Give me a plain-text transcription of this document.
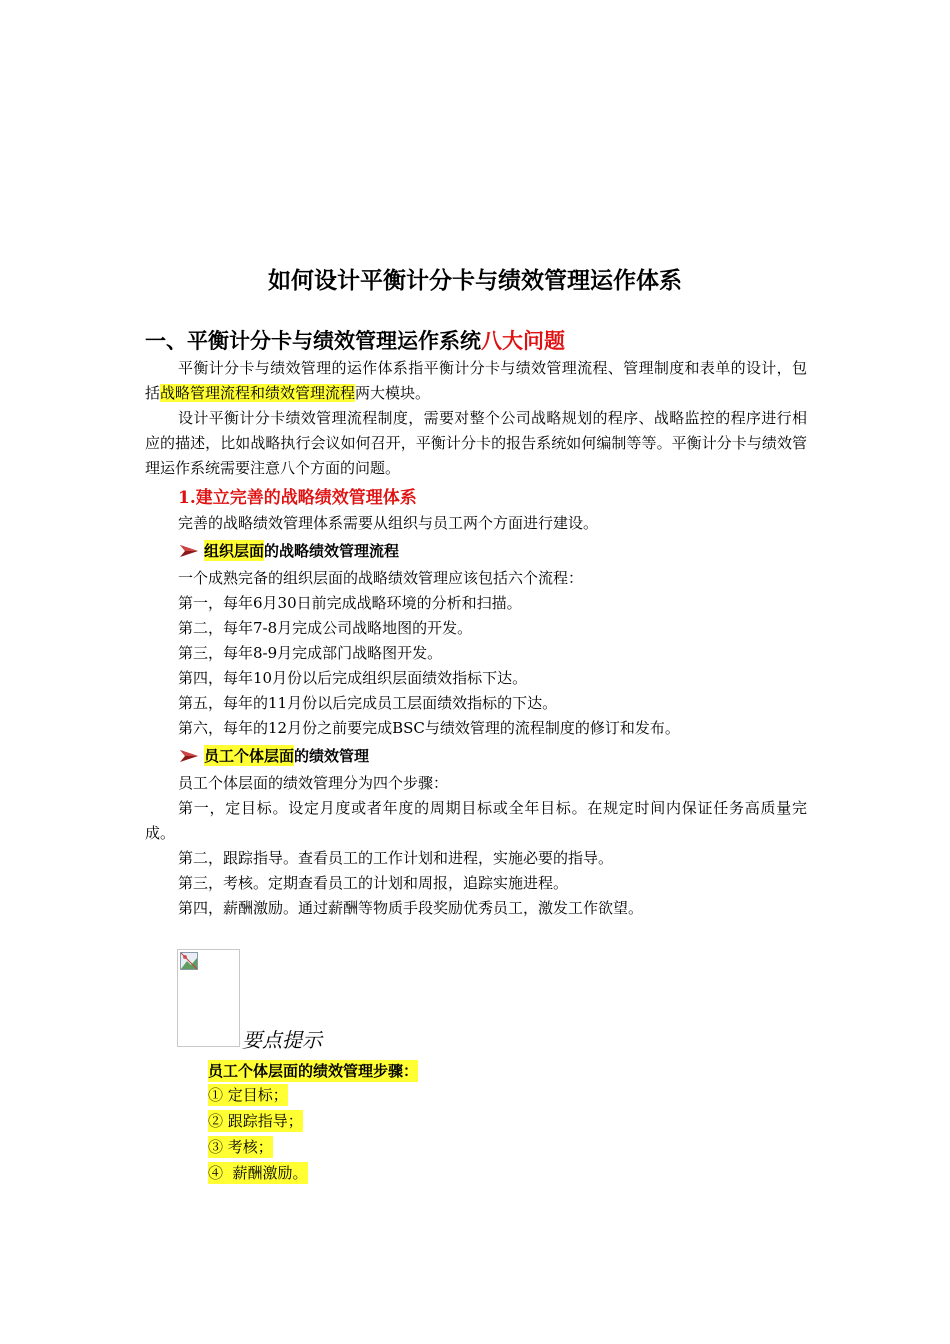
如何设计平衡计分卡与绩效管理运作体系
一、平衡计分卡与绩效管理运作系统八大问题
平衡计分卡与绩效管理的运作体系指平衡计分卡与绩效管理流程、管理制度和表单的设计，包括战略管理流程和绩效管理流程两大模块。
设计平衡计分卡绩效管理流程制度，需要对整个公司战略规划的程序、战略监控的程序进行相应的描述，比如战略执行会议如何召开，平衡计分卡的报告系统如何编制等等。平衡计分卡与绩效管理运作系统需要注意八个方面的问题。
1.建立完善的战略绩效管理体系
完善的战略绩效管理体系需要从组织与员工两个方面进行建设。
组织层面 的战略绩效管理流程
一个成熟完备的组织层面的战略绩效管理应该包括六个流程：
第一，每年6月30日前完成战略环境的分析和扫描。
第二，每年7-8月完成公司战略地图的开发。
第三，每年8-9月完成部门战略图开发。
第四，每年10月份以后完成组织层面绩效指标下达。
第五，每年的11月份以后完成员工层面绩效指标的下达。
第六，每年的12月份之前要完成BSC与绩效管理的流程制度的修订和发布。
员工个体层面 的绩效管理
员工个体层面的绩效管理分为四个步骤：
第一，定目标。设定月度或者年度的周期目标或全年目标。在规定时间内保证任务高质量完成。
第二，跟踪指导。查看员工的工作计划和进程，实施必要的指导。
第三，考核。定期查看员工的计划和周报，追踪实施进程。
第四，薪酬激励。通过薪酬等物质手段奖励优秀员工，激发工作欲望。
要点提示
员工个体层面的绩效管理步骤：
① 定目标；
② 跟踪指导；
③ 考核；
④  薪酬激励。
